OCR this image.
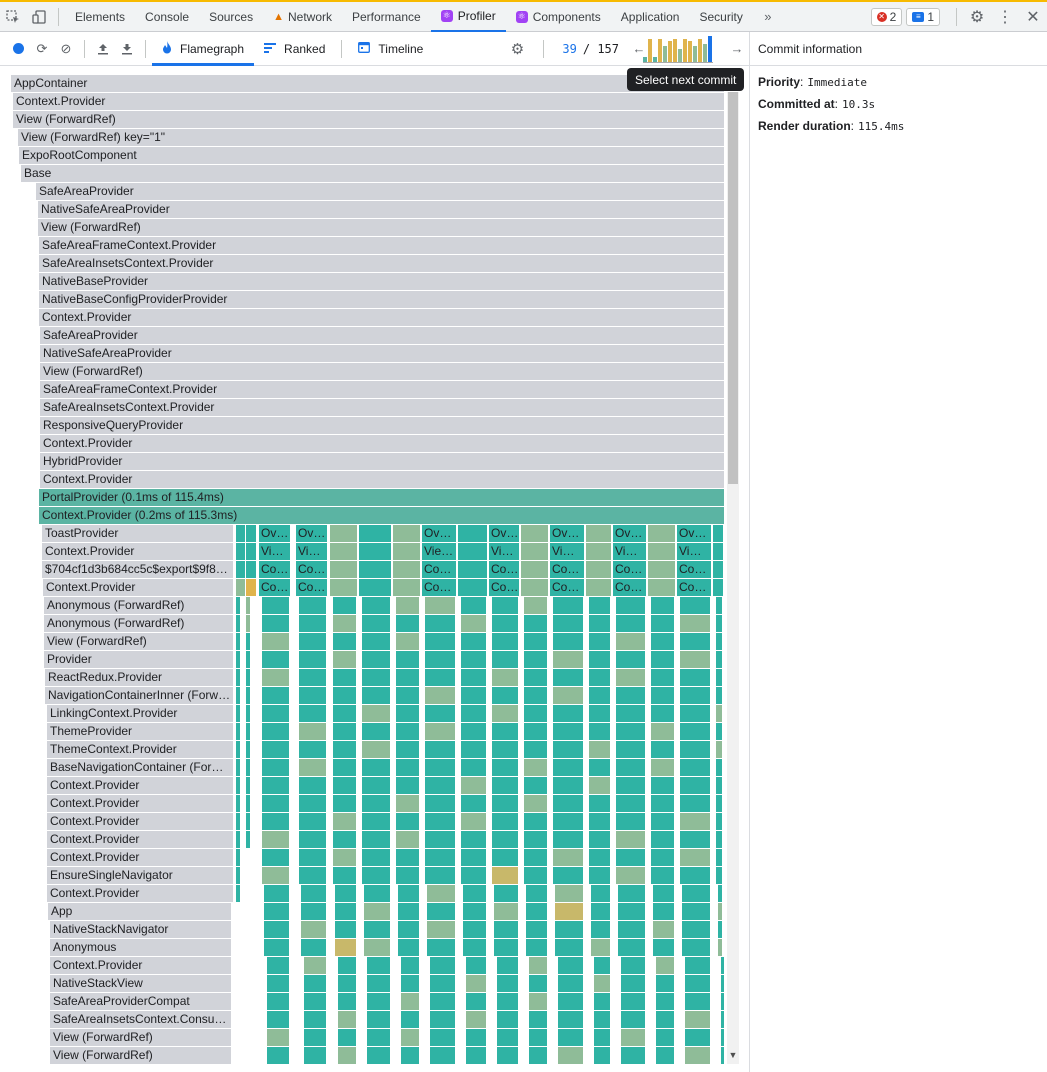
Elements Console Sources ▲ Network Performance ⚛ Profiler ⚛ Components Application Security	»	✕ 2	≡ 1	⚙ ⋮ ✕
⟳	⊘	Flamegraph	Ranked	Timeline	⚙	39 / 157	←	→
Select next commit
AppContainer
Context.Provider
View (ForwardRef)
View (ForwardRef) key="1"
ExpoRootComponent
Base
SafeAreaProvider
NativeSafeAreaProvider
View (ForwardRef)
SafeAreaFrameContext.Provider
SafeAreaInsetsContext.Provider
NativeBaseProvider
NativeBaseConfigProviderProvider
Context.Provider
SafeAreaProvider
NativeSafeAreaProvider
View (ForwardRef)
SafeAreaFrameContext.Provider
SafeAreaInsetsContext.Provider
ResponsiveQueryProvider
Context.Provider
HybridProvider
Context.Provider
PortalProvider (0.1ms of 115.4ms)
Context.Provider (0.2ms of 115.3ms)
ToastProvider	Ov… Ov…	Ov…	Ov…	Ov…	Ov…	Ov…
Context.Provider	Vi…	Vi…	Vie…	Vi…	Vi…	Vi…	Vi…
$704cf1d3b684cc5c$export$9f8…	Co… Co…	Co…	Co…	Co…	Co…	Co…
Context.Provider	Co… Co…	Co…	Co…	Co…	Co…	Co…
Anonymous (ForwardRef)
Anonymous (ForwardRef)
View (ForwardRef)
Provider
ReactRedux.Provider
NavigationContainerInner (Forw…
LinkingContext.Provider
ThemeProvider
ThemeContext.Provider
BaseNavigationContainer (For…
Context.Provider
Context.Provider
Context.Provider
Context.Provider
Context.Provider
EnsureSingleNavigator
Context.Provider
App
NativeStackNavigator
Anonymous
Context.Provider
NativeStackView
SafeAreaProviderCompat
SafeAreaInsetsContext.Consu…
View (ForwardRef)
View (ForwardRef)	▼
Commit information
Priority : Immediate
Committed at : 10.3s
Render duration : 115.4ms
